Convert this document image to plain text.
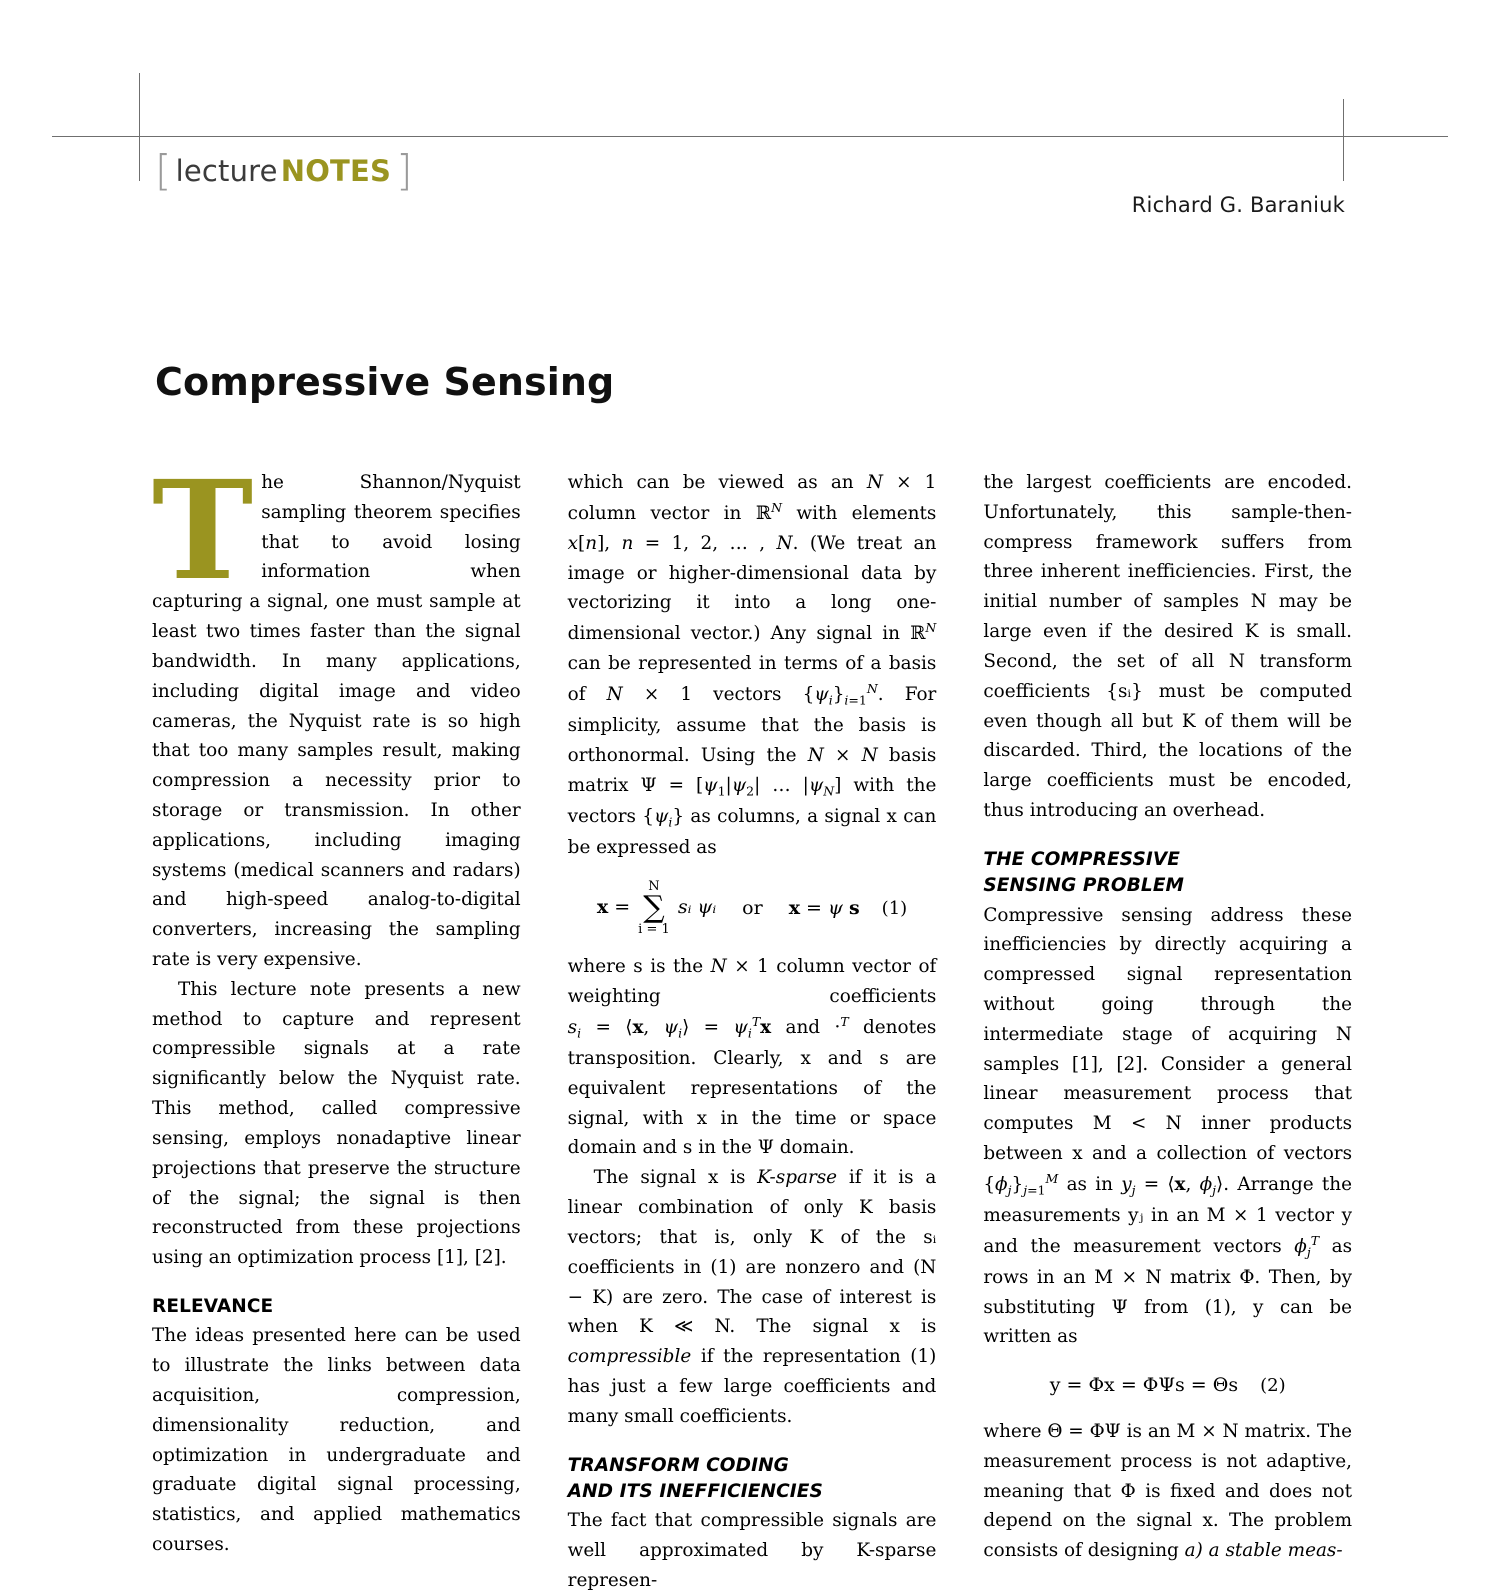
[ lecture NOTES ]
Richard G. Baraniuk
Compressive Sensing

The Shannon/Nyquist sampling theorem specifies that to avoid losing information when capturing a signal, one must sample at least two times faster than the signal bandwidth. In many applications, including digital image and video cameras, the Nyquist rate is so high that too many samples result, making compression a necessity prior to storage or transmission. In other applications, including imaging systems (medical scanners and radars) and high-speed analog-to-digital converters, increasing the sampling rate is very expensive.

This lecture note presents a new method to capture and represent compressible signals at a rate significantly below the Nyquist rate. This method, called compressive sensing, employs nonadaptive linear projections that preserve the structure of the signal; the signal is then reconstructed from these projections using an optimization process [1], [2].

RELEVANCE

The ideas presented here can be used to illustrate the links between data acquisition, compression, dimensionality reduction, and optimization in undergraduate and graduate digital signal processing, statistics, and applied mathematics courses.

which can be viewed as an N × 1 column vector in ℝ$^N$ with elements x[n], n = 1, 2, … , N. (We treat an image or higher-dimensional data by vectorizing it into a long one-dimensional vector.) Any signal in ℝ$^N$ can be represented in terms of a basis of N × 1 vectors $\{\psi_i\}_{i=1}^N$. For simplicity, assume that the basis is orthonormal. Using the N × N basis matrix $\Psi = [\psi_1|\psi_2|$ … $|\psi_N$] with the vectors $\{\psi_i\}$ as columns, a signal x can be expressed as

x =
N
∑
i = 1
sᵢ ψᵢ or x = ψ s (1)

where s is the N × 1 column vector of weighting coefficients $s_i$ = ⟨x, $\psi_i⟩ = \psi_i^Tx$ and ·$^T$ denotes transposition. Clearly, x and s are equivalent representations of the signal, with x in the time or space domain and s in the Ψ domain.

The signal x is K-sparse if it is a linear combination of only K basis vectors; that is, only K of the sᵢ coefficients in (1) are nonzero and (N − K) are zero. The case of interest is when K ≪ N. The signal x is compressible if the representation (1) has just a few large coefficients and many small coefficients.

TRANSFORM CODING
AND ITS INEFFICIENCIES

The fact that compressible signals are well approximated by K-sparse represen-

the largest coefficients are encoded. Unfortunately, this sample-then-compress framework suffers from three inherent inefficiencies. First, the initial number of samples N may be large even if the desired K is small. Second, the set of all N transform coefficients {sᵢ} must be computed even though all but K of them will be discarded. Third, the locations of the large coefficients must be encoded, thus introducing an overhead.

THE COMPRESSIVE
SENSING PROBLEM

Compressive sensing address these inefficiencies by directly acquiring a compressed signal representation without going through the intermediate stage of acquiring N samples [1], [2]. Consider a general linear measurement process that computes M < N inner products between x and a collection of vectors $\{\phi_j\}_{j=1}^M$ as in $y_j$ = ⟨x, $\phi_j⟩$. Arrange the measurements yⱼ in an M × 1 vector y and the measurement vectors $\phi_j^T$ as rows in an M × N matrix Φ. Then, by substituting Ψ from (1), y can be written as

y = Φx = ΦΨs = Θs (2)

where Θ = ΦΨ is an M × N matrix. The measurement process is not adaptive, meaning that Φ is fixed and does not depend on the signal x. The problem consists of designing a) a stable meas-
